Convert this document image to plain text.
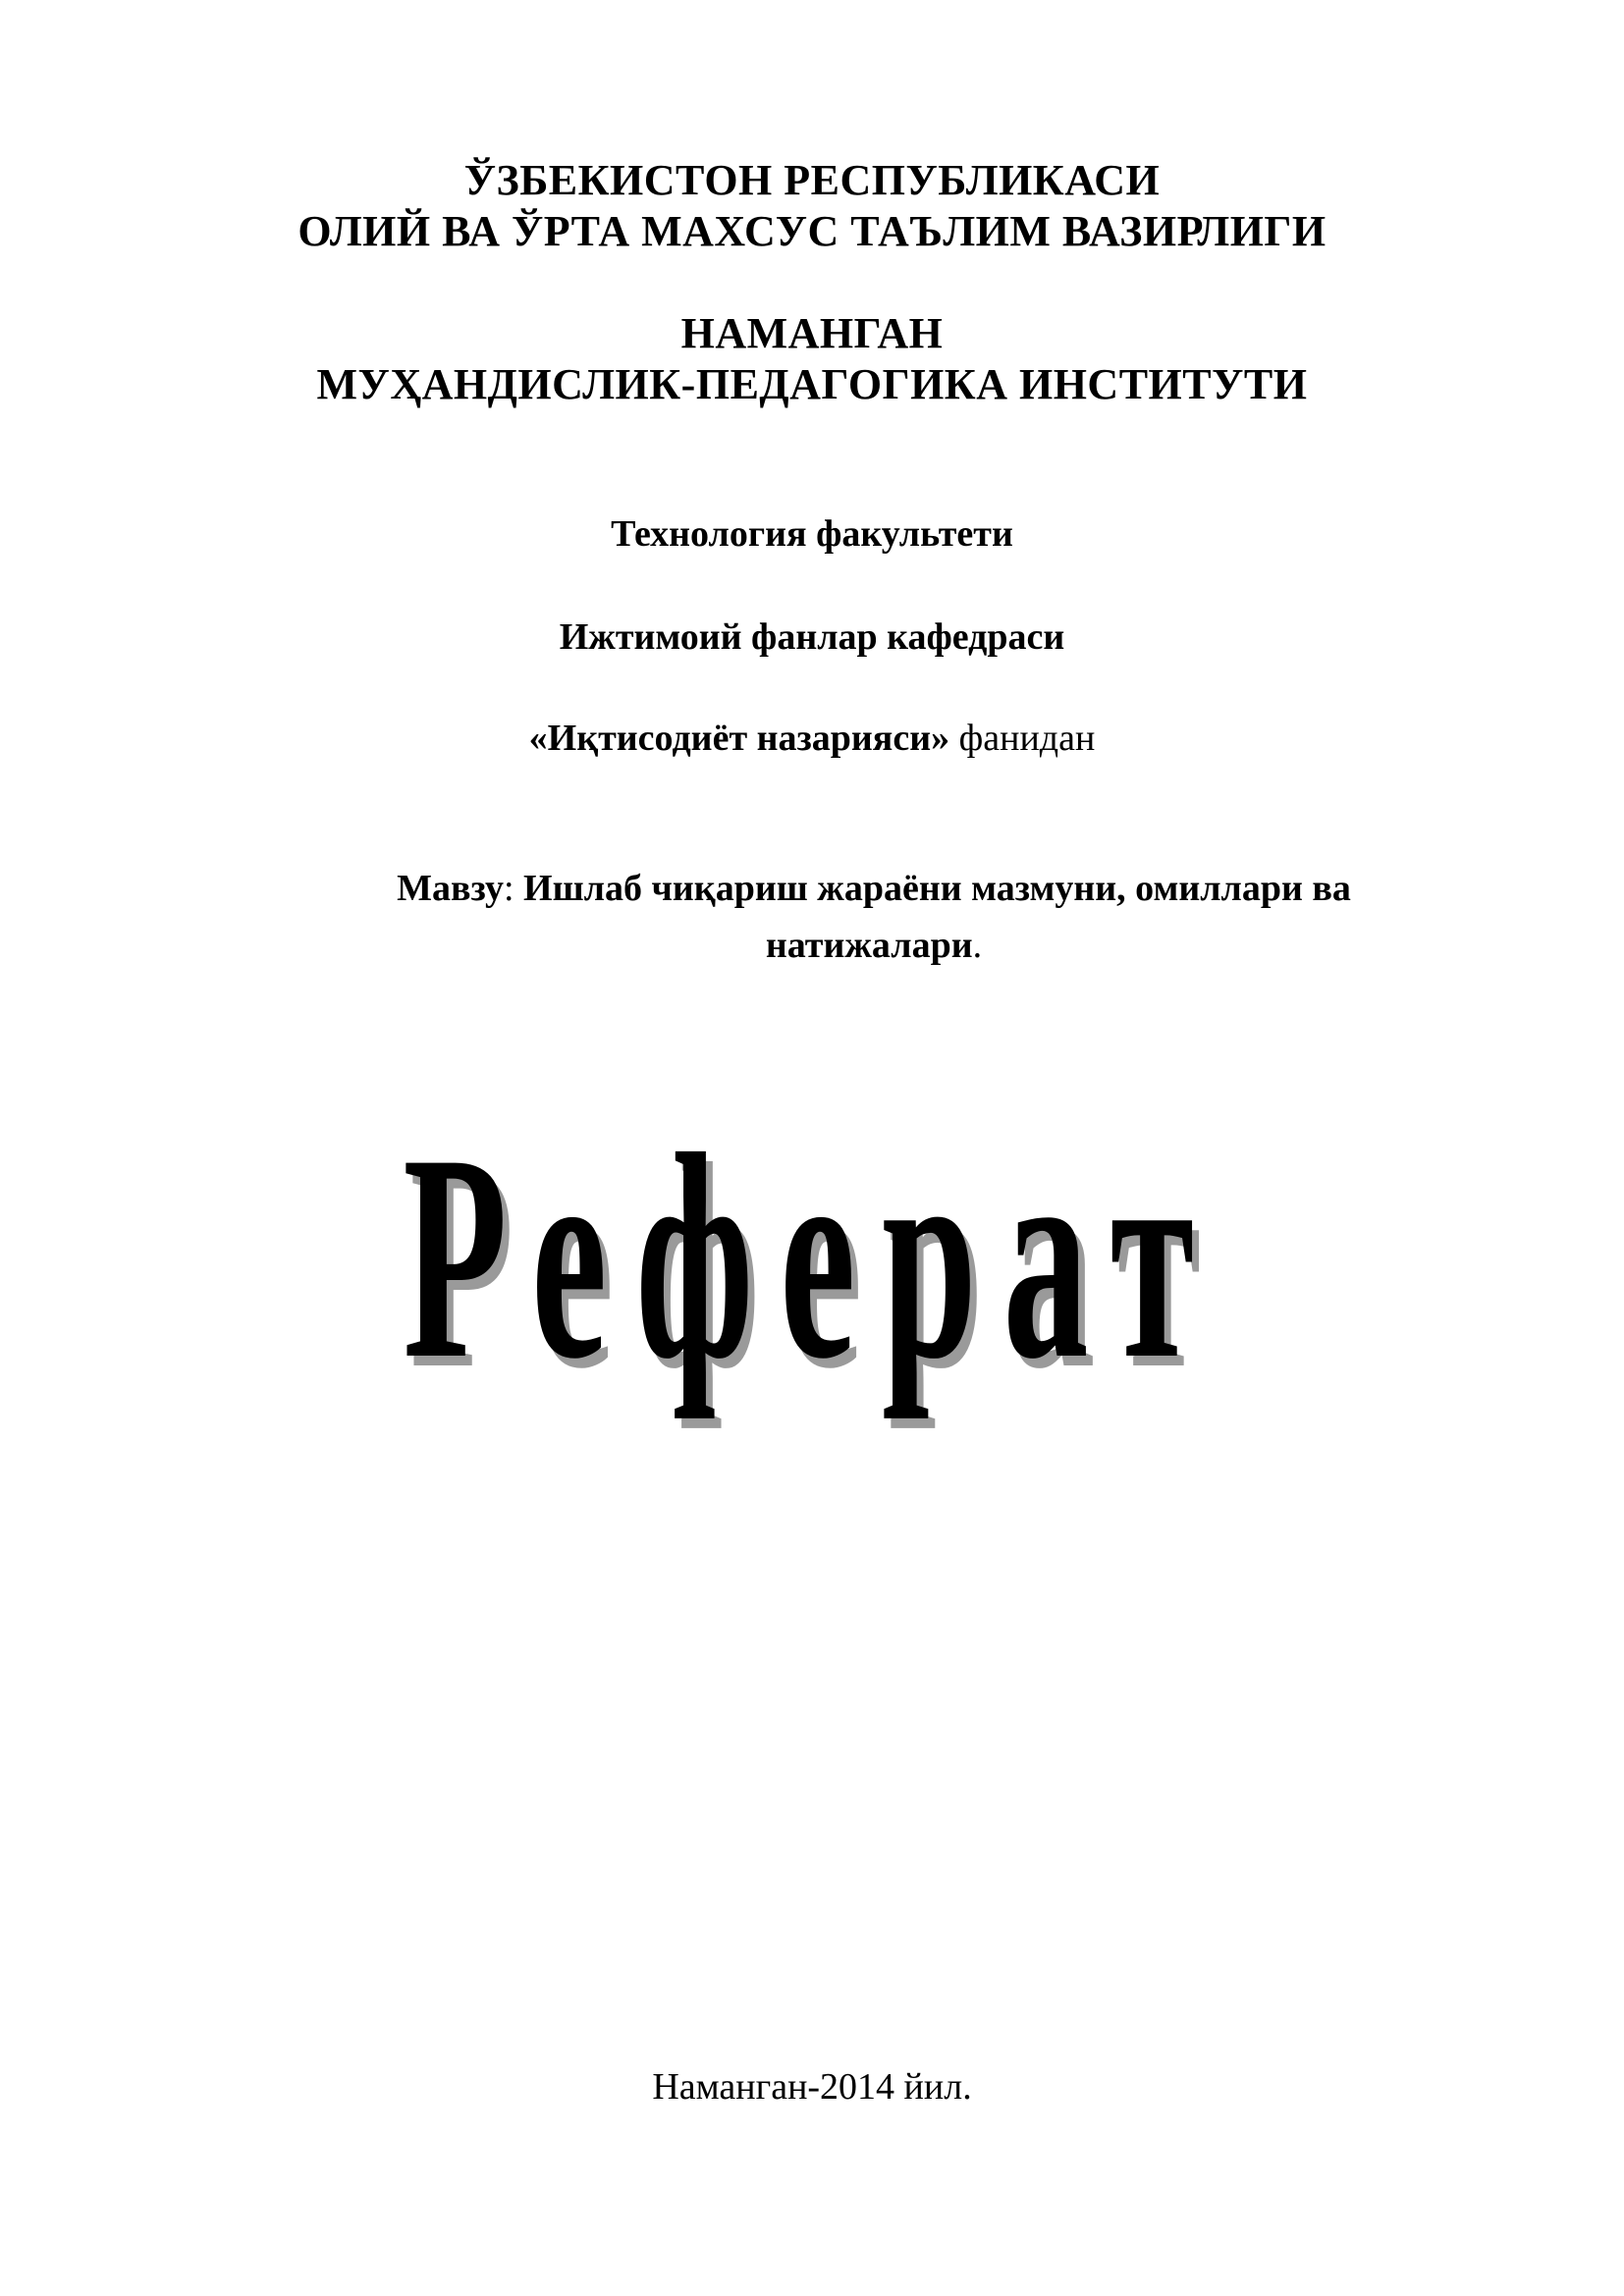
ЎЗБЕКИСТОН РЕСПУБЛИКАСИ
ОЛИЙ ВА ЎРТА МАХСУС ТАЪЛИМ ВАЗИРЛИГИ
НАМАНГАН
МУҲАНДИСЛИК-ПЕДАГОГИКА ИНСТИТУТИ
Технология факультети
Ижтимоий фанлар кафедраси
«Иқтисодиёт назарияси» фанидан
Мавзу: Ишлаб чиқариш жараёни мазмуни, омиллари ва натижалари.
Реферат
Наманган-2014 йил.
